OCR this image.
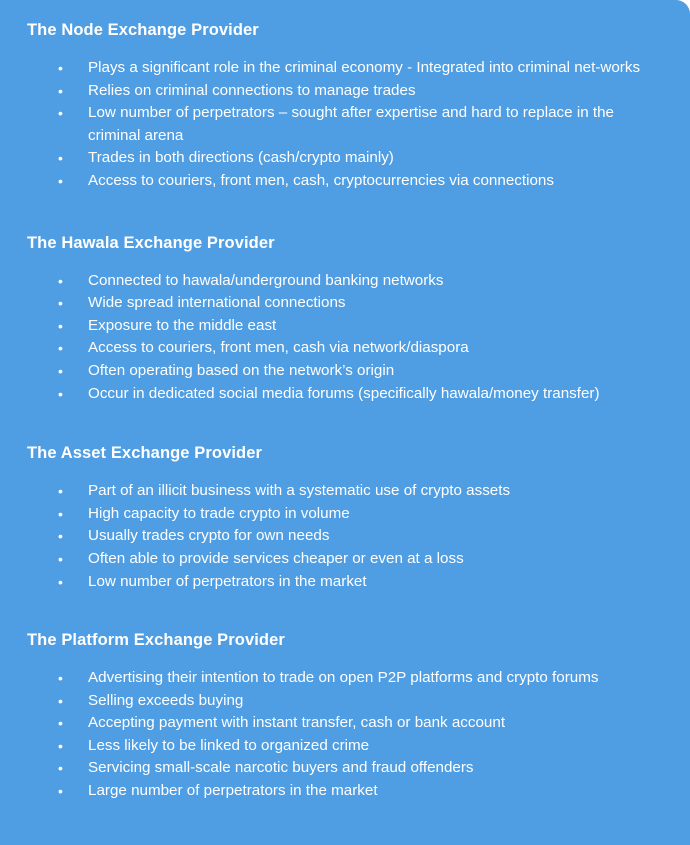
The Node Exchange Provider
• Plays a significant role in the criminal economy - Integrated into criminal net-works
• Relies on criminal connections to manage trades
• Low number of perpetrators – sought after expertise and hard to replace in the criminal arena
• Trades in both directions (cash/crypto mainly)
• Access to couriers, front men, cash, cryptocurrencies via connections
The Hawala Exchange Provider
• Connected to hawala/underground banking networks
• Wide spread international connections
• Exposure to the middle east
• Access to couriers, front men, cash via network/diaspora
• Often operating based on the network’s origin
• Occur in dedicated social media forums (specifically hawala/money transfer)
The Asset Exchange Provider
• Part of an illicit business with a systematic use of crypto assets
• High capacity to trade crypto in volume
• Usually trades crypto for own needs
• Often able to provide services cheaper or even at a loss
• Low number of perpetrators in the market
The Platform Exchange Provider
• Advertising their intention to trade on open P2P platforms and crypto forums
• Selling exceeds buying
• Accepting payment with instant transfer, cash or bank account
• Less likely to be linked to organized crime
• Servicing small-scale narcotic buyers and fraud offenders
• Large number of perpetrators in the market
